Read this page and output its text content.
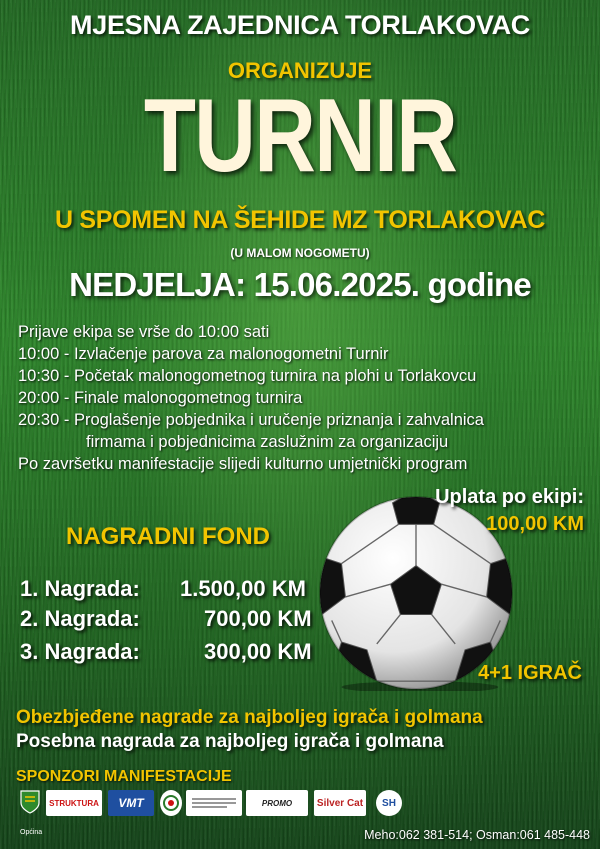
MJESNA ZAJEDNICA TORLAKOVAC
ORGANIZUJE
TURNIR
U SPOMEN NA ŠEHIDE MZ TORLAKOVAC
(U MALOM NOGOMETU)
NEDJELJA: 15.06.2025. godine
Prijave ekipa se vrše do 10:00 sati
10:00 - Izvlačenje parova za malonogometni Turnir
10:30 - Početak malonogometnog turnira na plohi u Torlakovcu
20:00 - Finale malonogometnog turnira
20:30 - Proglašenje pobjednika i uručenje priznanja i zahvalnica
firmama i pobjednicima zaslužnim za organizaciju
Po završetku manifestacije slijedi kulturno umjetnički program
Uplata po ekipi:
100,00 KM
NAGRADNI FOND
1. Nagrada: 1.500,00 KM
2. Nagrada:	700,00 KM
3. Nagrada:	300,00 KM
4+1 IGRAČ
Obezbjeđene nagrade za najboljeg igrača i golmana
Posebna nagrada za najboljeg igrača i golmana
SPONZORI MANIFESTACIJE
STRUKTURA	VMT	PROMO	Silver Cat	SH
Općina	Meho:062 381-514; Osman:061 485-448
